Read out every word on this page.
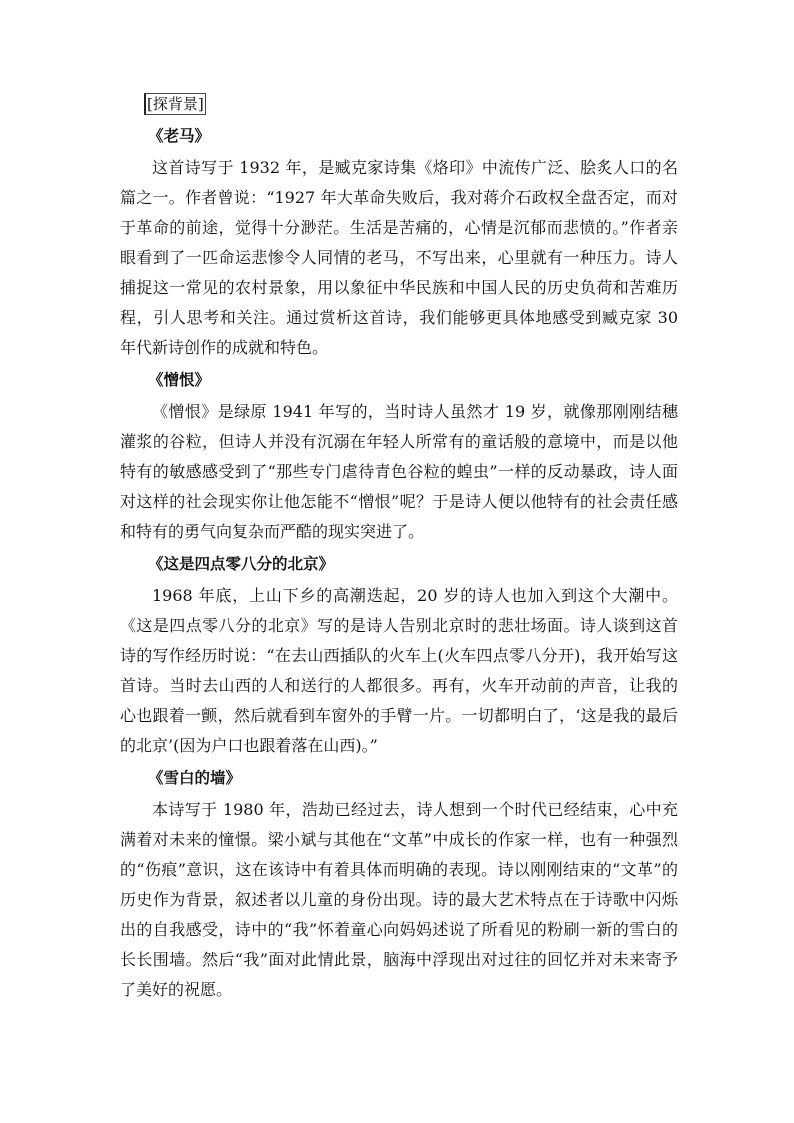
[探背景]
《老马》
这首诗写于 1932 年，是臧克家诗集《烙印》中流传广泛、脍炙人口的名篇之一。作者曾说：“1927 年大革命失败后，我对蒋介石政权全盘否定，而对于革命的前途，觉得十分渺茫。生活是苦痛的，心情是沉郁而悲愤的。”作者亲眼看到了一匹命运悲惨令人同情的老马，不写出来，心里就有一种压力。诗人捕捉这一常见的农村景象，用以象征中华民族和中国人民的历史负荷和苦难历程，引人思考和关注。通过赏析这首诗，我们能够更具体地感受到臧克家 30 年代新诗创作的成就和特色。
《憎恨》
《憎恨》是绿原 1941 年写的，当时诗人虽然才 19 岁，就像那刚刚结穗灌浆的谷粒，但诗人并没有沉溺在年轻人所常有的童话般的意境中，而是以他特有的敏感感受到了“那些专门虐待青色谷粒的蝗虫”一样的反动暴政，诗人面对这样的社会现实你让他怎能不“憎恨”呢？于是诗人便以他特有的社会责任感和特有的勇气向复杂而严酷的现实突进了。
《这是四点零八分的北京》
1968 年底，上山下乡的高潮迭起，20 岁的诗人也加入到这个大潮中。《这是四点零八分的北京》写的是诗人告别北京时的悲壮场面。诗人谈到这首诗的写作经历时说：“在去山西插队的火车上(火车四点零八分开)，我开始写这首诗。当时去山西的人和送行的人都很多。再有，火车开动前的声音，让我的心也跟着一颤，然后就看到车窗外的手臂一片。一切都明白了，‘这是我的最后的北京’(因为户口也跟着落在山西)。”
《雪白的墙》
本诗写于 1980 年，浩劫已经过去，诗人想到一个时代已经结束，心中充满着对未来的憧憬。梁小斌与其他在“文革”中成长的作家一样，也有一种强烈的“伤痕”意识，这在该诗中有着具体而明确的表现。诗以刚刚结束的“文革”的历史作为背景，叙述者以儿童的身份出现。诗的最大艺术特点在于诗歌中闪烁出的自我感受，诗中的“我”怀着童心向妈妈述说了所看见的粉刷一新的雪白的长长围墙。然后“我”面对此情此景，脑海中浮现出对过往的回忆并对未来寄予了美好的祝愿。
